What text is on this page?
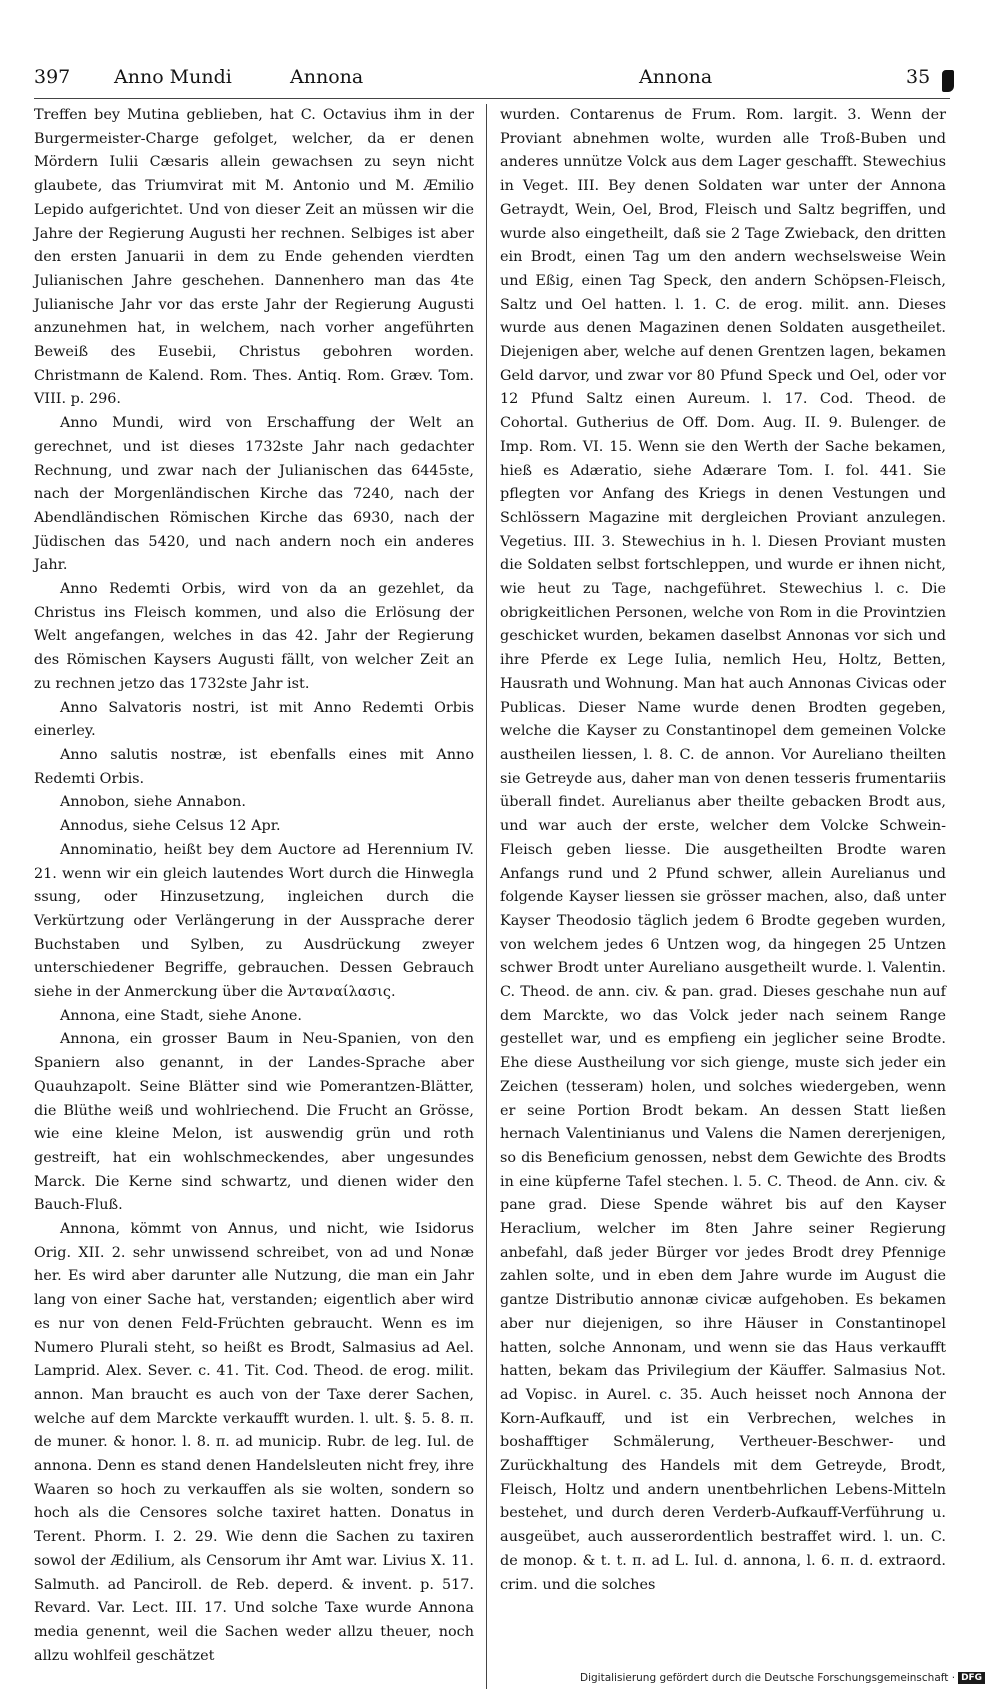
397 Anno Mundi	Annona	Annona	35

Treffen bey Mutina geblieben, hat C. Octavius ihm in der Burgermeister-Charge gefolget, welcher, da er denen Mördern Iulii Cæsaris allein gewachsen zu seyn nicht glaubete, das Triumvirat mit M. Antonio und M. Æmilio Lepido aufgerichtet. Und von dieser Zeit an müssen wir die Jahre der Regierung Augusti her rechnen. Selbiges ist aber den ersten Januarii in dem zu Ende gehenden vierdten Julianischen Jahre geschehen. Dannenhero man das 4te Julianische Jahr vor das erste Jahr der Regierung Augusti anzunehmen hat, in welchem, nach vorher angeführten Beweiß des Eusebii, Christus gebohren worden. Christmann de Kalend. Rom. Thes. Antiq. Rom. Græv. Tom. VIII. p. 296.

Anno Mundi, wird von Erschaffung der Welt an gerechnet, und ist dieses 1732ste Jahr nach gedachter Rechnung, und zwar nach der Julianischen das 6445ste, nach der Morgenländischen Kirche das 7240, nach der Abendländischen Römischen Kirche das 6930, nach der Jüdischen das 5420, und nach andern noch ein anderes Jahr.

Anno Redemti Orbis, wird von da an gezehlet, da Christus ins Fleisch kommen, und also die Erlösung der Welt angefangen, welches in das 42. Jahr der Regierung des Römischen Kaysers Augusti fällt, von welcher Zeit an zu rechnen jetzo das 1732ste Jahr ist.

Anno Salvatoris nostri, ist mit Anno Redemti Orbis einerley.

Anno salutis nostræ, ist ebenfalls eines mit Anno Redemti Orbis.

Annobon, siehe Annabon.

Annodus, siehe Celsus 12 Apr.

Annominatio, heißt bey dem Auctore ad Herennium IV. 21. wenn wir ein gleich lautendes Wort durch die Hinwegla ssung, oder Hinzusetzung, ingleichen durch die Verkürtzung oder Verlängerung in der Aussprache derer Buchstaben und Sylben, zu Ausdrückung zweyer unterschiedener Begriffe, gebrauchen. Dessen Gebrauch siehe in der Anmerckung über die Ἀνταναίλασις.

Annona, eine Stadt, siehe Anone.

Annona, ein grosser Baum in Neu-Spanien, von den Spaniern also genannt, in der Landes-Sprache aber Quauhzapolt. Seine Blätter sind wie Pomerantzen-Blätter, die Blüthe weiß und wohlriechend. Die Frucht an Grösse, wie eine kleine Melon, ist auswendig grün und roth gestreift, hat ein wohlschmeckendes, aber ungesundes Marck. Die Kerne sind schwartz, und dienen wider den Bauch-Fluß.

Annona, kömmt von Annus, und nicht, wie Isidorus Orig. XII. 2. sehr unwissend schreibet, von ad und Nonæ her. Es wird aber darunter alle Nutzung, die man ein Jahr lang von einer Sache hat, verstanden; eigentlich aber wird es nur von denen Feld-Früchten gebraucht. Wenn es im Numero Plurali steht, so heißt es Brodt, Salmasius ad Ael. Lamprid. Alex. Sever. c. 41. Tit. Cod. Theod. de erog. milit. annon. Man braucht es auch von der Taxe derer Sachen, welche auf dem Marckte verkaufft wurden. l. ult. §. 5. 8. π. de muner. & honor. l. 8. π. ad municip. Rubr. de leg. Iul. de annona. Denn es stand denen Handelsleuten nicht frey, ihre Waaren so hoch zu verkauffen als sie wolten, sondern so hoch als die Censores solche taxiret hatten. Donatus in Terent. Phorm. I. 2. 29. Wie denn die Sachen zu taxiren sowol der Ædilium, als Censorum ihr Amt war. Livius X. 11. Salmuth. ad Panciroll. de Reb. deperd. & invent. p. 517. Revard. Var. Lect. III. 17. Und solche Taxe wurde Annona media genennt, weil die Sachen weder allzu theuer, noch allzu wohlfeil geschätzet

wurden. Contarenus de Frum. Rom. largit. 3. Wenn der Proviant abnehmen wolte, wurden alle Troß-Buben und anderes unnütze Volck aus dem Lager geschafft. Stewechius in Veget. III. Bey denen Soldaten war unter der Annona Getraydt, Wein, Oel, Brod, Fleisch und Saltz begriffen, und wurde also eingetheilt, daß sie 2 Tage Zwieback, den dritten ein Brodt, einen Tag um den andern wechselsweise Wein und Eßig, einen Tag Speck, den andern Schöpsen-Fleisch, Saltz und Oel hatten. l. 1. C. de erog. milit. ann. Dieses wurde aus denen Magazinen denen Soldaten ausgetheilet. Diejenigen aber, welche auf denen Grentzen lagen, bekamen Geld darvor, und zwar vor 80 Pfund Speck und Oel, oder vor 12 Pfund Saltz einen Aureum. l. 17. Cod. Theod. de Cohortal. Gutherius de Off. Dom. Aug. II. 9. Bulenger. de Imp. Rom. VI. 15. Wenn sie den Werth der Sache bekamen, hieß es Adæratio, siehe Adærare Tom. I. fol. 441. Sie pflegten vor Anfang des Kriegs in denen Vestungen und Schlössern Magazine mit dergleichen Proviant anzulegen. Vegetius. III. 3. Stewechius in h. l. Diesen Proviant musten die Soldaten selbst fortschleppen, und wurde er ihnen nicht, wie heut zu Tage, nachgeführet. Stewechius l. c. Die obrigkeitlichen Personen, welche von Rom in die Provintzien geschicket wurden, bekamen daselbst Annonas vor sich und ihre Pferde ex Lege Iulia, nemlich Heu, Holtz, Betten, Hausrath und Wohnung. Man hat auch Annonas Civicas oder Publicas. Dieser Name wurde denen Brodten gegeben, welche die Kayser zu Constantinopel dem gemeinen Volcke austheilen liessen, l. 8. C. de annon. Vor Aureliano theilten sie Getreyde aus, daher man von denen tesseris frumentariis überall findet. Aurelianus aber theilte gebacken Brodt aus, und war auch der erste, welcher dem Volcke Schwein-Fleisch geben liesse. Die ausgetheilten Brodte waren Anfangs rund und 2 Pfund schwer, allein Aurelianus und folgende Kayser liessen sie grösser machen, also, daß unter Kayser Theodosio täglich jedem 6 Brodte gegeben wurden, von welchem jedes 6 Untzen wog, da hingegen 25 Untzen schwer Brodt unter Aureliano ausgetheilt wurde. l. Valentin. C. Theod. de ann. civ. & pan. grad. Dieses geschahe nun auf dem Marckte, wo das Volck jeder nach seinem Range gestellet war, und es empfieng ein jeglicher seine Brodte. Ehe diese Austheilung vor sich gienge, muste sich jeder ein Zeichen (tesseram) holen, und solches wiedergeben, wenn er seine Portion Brodt bekam. An dessen Statt ließen hernach Valentinianus und Valens die Namen dererjenigen, so dis Beneficium genossen, nebst dem Gewichte des Brodts in eine küpferne Tafel stechen. l. 5. C. Theod. de Ann. civ. & pane grad. Diese Spende währet bis auf den Kayser Heraclium, welcher im 8ten Jahre seiner Regierung anbefahl, daß jeder Bürger vor jedes Brodt drey Pfennige zahlen solte, und in eben dem Jahre wurde im August die gantze Distributio annonæ civicæ aufgehoben. Es bekamen aber nur diejenigen, so ihre Häuser in Constantinopel hatten, solche Annonam, und wenn sie das Haus verkaufft hatten, bekam das Privilegium der Käuffer. Salmasius Not. ad Vopisc. in Aurel. c. 35. Auch heisset noch Annona der Korn-Aufkauff, und ist ein Verbrechen, welches in boshafftiger Schmälerung, Vertheuer-Beschwer- und Zurückhaltung des Handels mit dem Getreyde, Brodt, Fleisch, Holtz und andern unentbehrlichen Lebens-Mitteln bestehet, und durch deren Verderb-Aufkauff-Verführung u. ausgeübet, auch ausserordentlich bestraffet wird. l. un. C. de monop. & t. t. π. ad L. Iul. d. annona, l. 6. π. d. extraord. crim. und die solches

Digitalisierung gefördert durch die Deutsche Forschungsgemeinschaft · DFG
